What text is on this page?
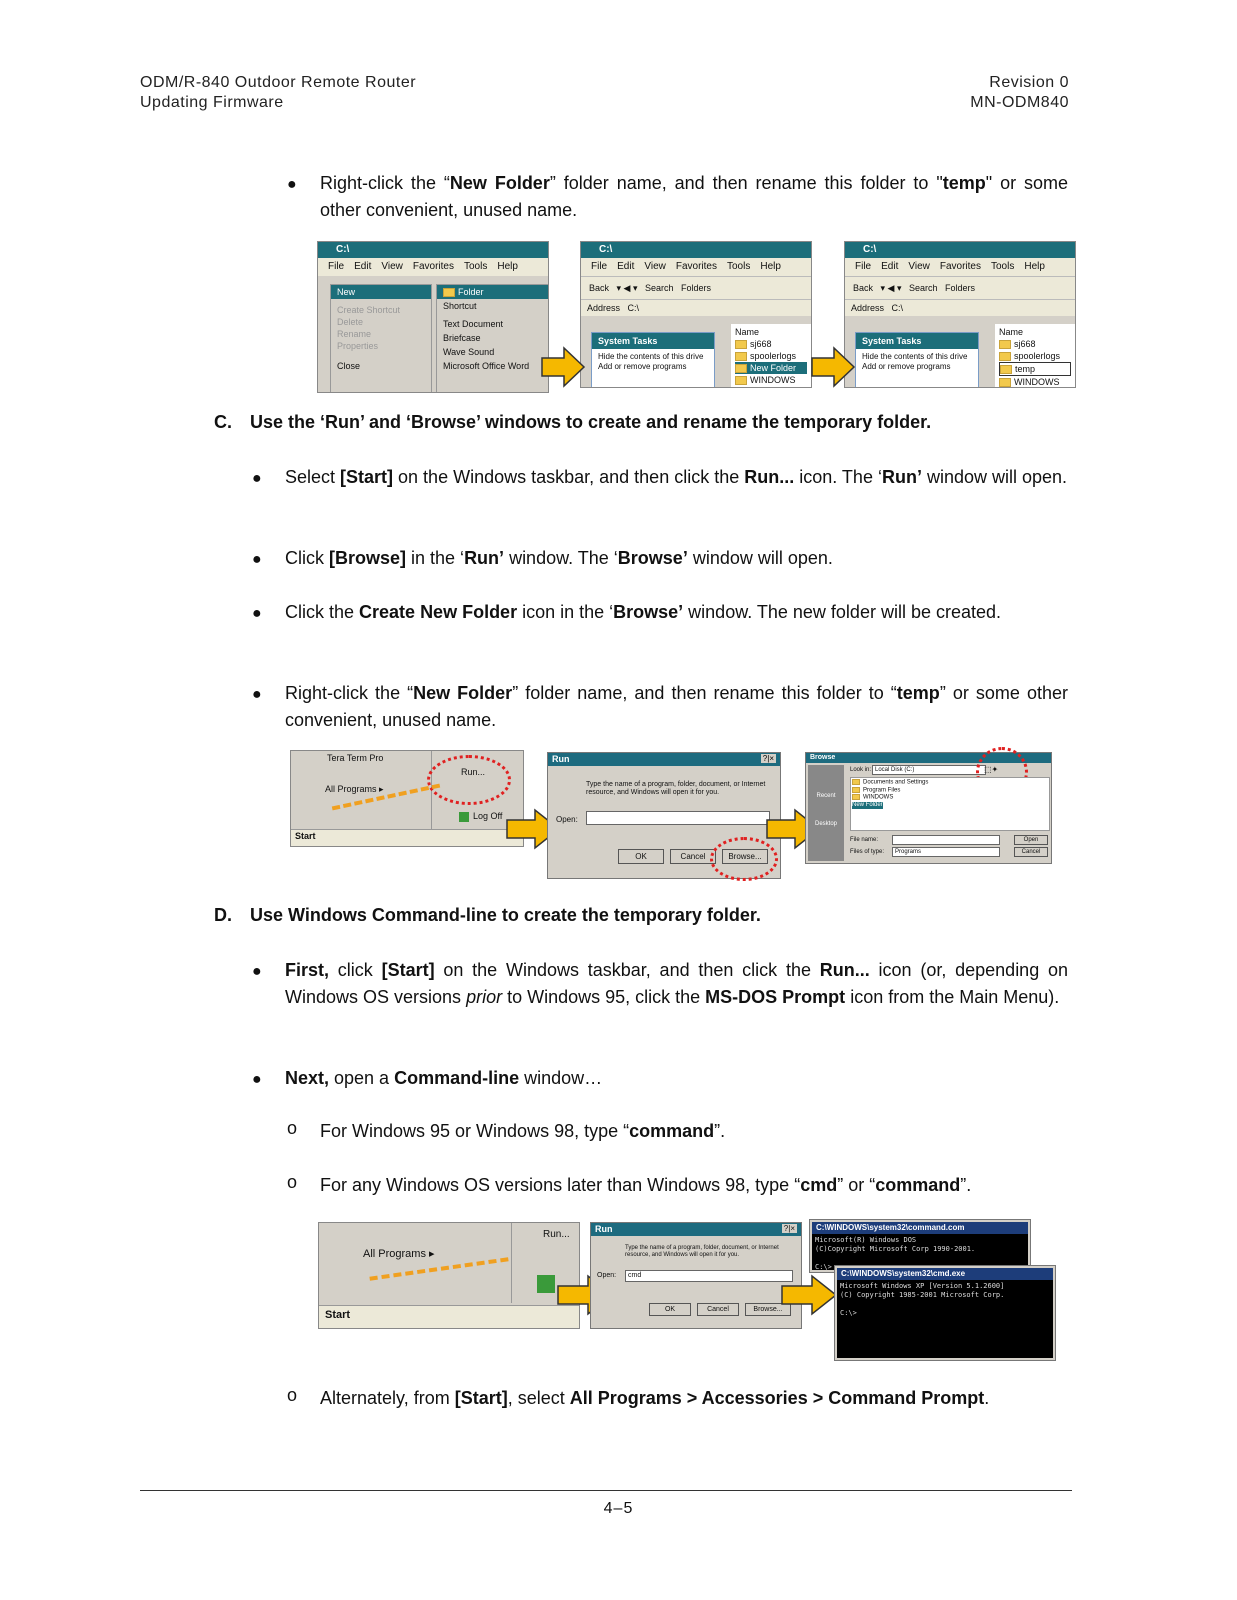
ODM/R-840 Outdoor Remote Router
Updating Firmware
Revision 0
MN-ODM840
● Right-click the “New Folder” folder name, and then rename this folder to "temp" or some other convenient, unused name.
C:\
File Edit View Favorites Tools Help
New
Create Shortcut
Delete
Rename
Properties
Close
Folder
Shortcut
Text Document
Briefcase
Wave Sound
Microsoft Office Word
C:\
File Edit View Favorites Tools Help
Back   ▾ ◀ ▾   Search Folders
Address C:\
System Tasks
Hide the contents of this drive
Add or remove programs
Name
sj668
spoolerlogs
New Folder
WINDOWS
C:\
File Edit View Favorites Tools Help
Back   ▾ ◀ ▾   Search Folders
Address C:\
System Tasks
Hide the contents of this drive
Add or remove programs
Name
sj668
spoolerlogs
temp
WINDOWS
C. Use the ‘Run’ and ‘Browse’ windows to create and rename the temporary folder.
● Select [Start] on the Windows taskbar, and then click the Run... icon. The ‘Run’ window will open.
● Click [Browse] in the ‘Run’ window. The ‘Browse’ window will open.
● Click the Create New Folder icon in the ‘Browse’ window. The new folder will be created.
● Right-click the “New Folder” folder name, and then rename this folder to “temp” or some other convenient, unused name.
Tera Term Pro
All Programs ▸
Run...
Log Off
Start
Run	?|×
Type the name of a program, folder, document, or Internet resource, and Windows will open it for you.
Open:
OK	Cancel	Browse...
Browse
Recent
Desktop
Look in: Local Disk (C:)	⬚✦
Documents and Settings
Program Files
WINDOWS
New Folder
File name:
Files of type:	Programs
Open
Cancel
D. Use Windows Command-line to create the temporary folder.
● First, click [Start] on the Windows taskbar, and then click the Run... icon (or, depending on Windows OS versions prior to Windows 95, click the MS-DOS Prompt icon from the Main Menu).
● Next, open a Command-line window…
o For Windows 95 or Windows 98, type “command”.
o For any Windows OS versions later than Windows 98, type “cmd” or “command”.
All Programs ▸
Run...
Start
Run	?|×
Type the name of a program, folder, document, or Internet resource, and Windows will open it for you.
Open:	cmd
OK	Cancel	Browse...
C:\WINDOWS\system32\command.com
Microsoft(R) Windows DOS
(C)Copyright Microsoft Corp 1990-2001.

C:\>
C:\WINDOWS\system32\cmd.exe
Microsoft Windows XP [Version 5.1.2600]
(C) Copyright 1985-2001 Microsoft Corp.

C:\>
o Alternately, from [Start], select All Programs > Accessories > Command Prompt.
4–5
